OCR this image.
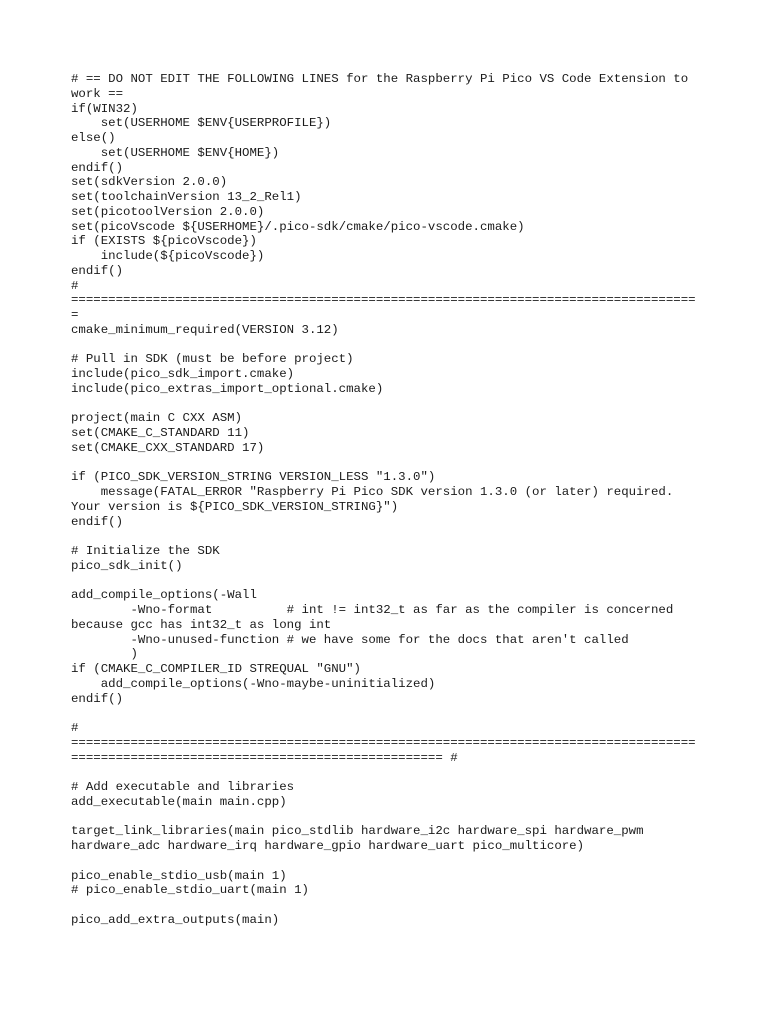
# == DO NOT EDIT THE FOLLOWING LINES for the Raspberry Pi Pico VS Code Extension to
work ==
if(WIN32)
set(USERHOME $ENV{USERPROFILE})
else()
set(USERHOME $ENV{HOME})
endif()
set(sdkVersion 2.0.0)
set(toolchainVersion 13_2_Rel1)
set(picotoolVersion 2.0.0)
set(picoVscode ${USERHOME}/.pico-sdk/cmake/pico-vscode.cmake)
if (EXISTS ${picoVscode})
include(${picoVscode})
endif()
#
====================================================================================
=
cmake_minimum_required(VERSION 3.12)
# Pull in SDK (must be before project)
include(pico_sdk_import.cmake)
include(pico_extras_import_optional.cmake)
project(main C CXX ASM)
set(CMAKE_C_STANDARD 11)
set(CMAKE_CXX_STANDARD 17)
if (PICO_SDK_VERSION_STRING VERSION_LESS "1.3.0")
message(FATAL_ERROR "Raspberry Pi Pico SDK version 1.3.0 (or later) required.
Your version is ${PICO_SDK_VERSION_STRING}")
endif()
# Initialize the SDK
pico_sdk_init()
add_compile_options(-Wall
-Wno-format          # int != int32_t as far as the compiler is concerned
because gcc has int32_t as long int
-Wno-unused-function # we have some for the docs that aren't called
)
if (CMAKE_C_COMPILER_ID STREQUAL "GNU")
add_compile_options(-Wno-maybe-uninitialized)
endif()
#
====================================================================================
================================================== #
# Add executable and libraries
add_executable(main main.cpp)
target_link_libraries(main pico_stdlib hardware_i2c hardware_spi hardware_pwm
hardware_adc hardware_irq hardware_gpio hardware_uart pico_multicore)
pico_enable_stdio_usb(main 1)
# pico_enable_stdio_uart(main 1)
pico_add_extra_outputs(main)
